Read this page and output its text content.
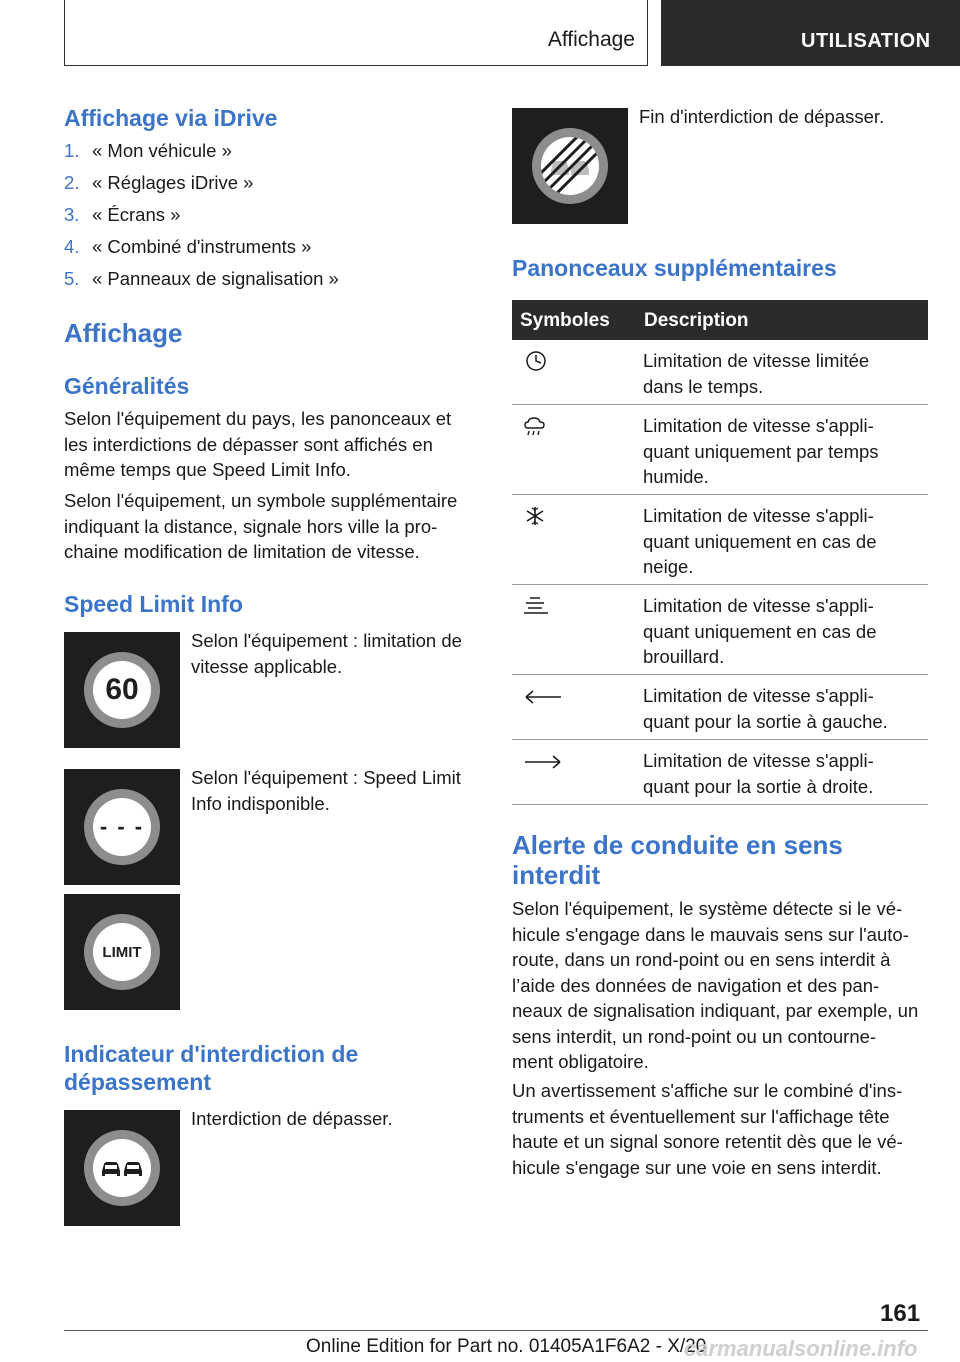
Affichage	UTILISATION
Affichage via iDrive
1. « Mon véhicule »
2. « Réglages iDrive »
3. « Écrans »
4. « Combiné d'instruments »
5. « Panneaux de signalisation »
Affichage
Généralités
Selon l'équipement du pays, les panonceaux et
les interdictions de dépasser sont affichés en
même temps que Speed Limit Info.
Selon l'équipement, un symbole supplémentaire
indiquant la distance, signale hors ville la pro‐
chaine modification de limitation de vitesse.
Speed Limit Info
60
Selon l'équipement : limitation de
vitesse applicable.
- - -
Selon l'équipement : Speed Limit
Info indisponible.
LIMIT
Indicateur d'interdiction de
dépassement
Interdiction de dépasser.
Fin d'interdiction de dépasser.
Panonceaux supplémentaires
Symboles Description
Limitation de vitesse limitée
dans le temps.
Limitation de vitesse s'appli‐
quant uniquement par temps
humide.
Limitation de vitesse s'appli‐
quant uniquement en cas de
neige.
Limitation de vitesse s'appli‐
quant uniquement en cas de
brouillard.
Limitation de vitesse s'appli‐
quant pour la sortie à gauche.
Limitation de vitesse s'appli‐
quant pour la sortie à droite.
Alerte de conduite en sens
interdit
Selon l'équipement, le système détecte si le vé‐
hicule s'engage dans le mauvais sens sur l'auto‐
route, dans un rond-point ou en sens interdit à
l’aide des données de navigation et des pan‐
neaux de signalisation indiquant, par exemple, un
sens interdit, un rond-point ou un contourne‐
ment obligatoire.
Un avertissement s'affiche sur le combiné d'ins‐
truments et éventuellement sur l'affichage tête
haute et un signal sonore retentit dès que le vé‐
hicule s'engage sur une voie en sens interdit.
161
Online Edition for Part no. 01405A1F6A2 - X/20
carmanualsonline.info
